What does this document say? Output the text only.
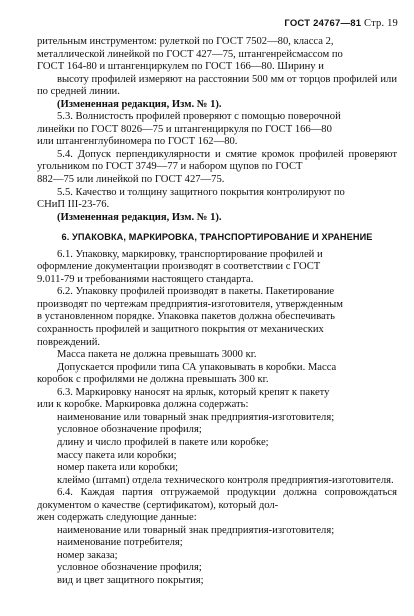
ГОСТ 24767—81 Стр. 19

рительным инструментом: рулеткой по ГОСТ 7502—80, класса 2,

металлической линейкой по ГОСТ 427—75, штангенрейсмассом по

ГОСТ 164-80 и штангенциркулем по ГОСТ 166—80. Ширину и

высоту профилей измеряют на расстоянии 500 мм от торцов профилей или по средней линии.

(Измененная редакция, Изм. № 1).

5.3. Волнистость профилей проверяют с помощью поверочной

линейки по ГОСТ 8026—75 и штангенциркуля по ГОСТ 166—80

или штангенглубиномера по ГОСТ 162—80.

5.4. Допуск перпендикулярности и смятие кромок профилей проверяют угольником по ГОСТ 3749—77 и набором щупов по ГОСТ

882—75 или линейкой по ГОСТ 427—75.

5.5. Качество и толщину защитного покрытия контролируют по

СНиП III-23-76.

(Измененная редакция, Изм. № 1).

6. УПАКОВКА, МАРКИРОВКА, ТРАНСПОРТИРОВАНИЕ И ХРАНЕНИЕ

6.1. Упаковку, маркировку, транспортирование профилей и

оформление документации производят в соответствии с ГОСТ

9.011-79 и требованиями настоящего стандарта.

6.2. Упаковку профилей производят в пакеты. Пакетирование

производят по чертежам предприятия-изготовителя, утвержденным

в установленном порядке. Упаковка пакетов должна обеспечивать

сохранность профилей и защитного покрытия от механических

повреждений.

Масса пакета не должна превышать 3000 кг.

Допускается профили типа СА упаковывать в коробки. Масса

коробок с профилями не должна превышать 300 кг.

6.3. Маркировку наносят на ярлык, который крепят к пакету

или к коробке. Маркировка должна содержать:

наименование или товарный знак предприятия-изготовителя;

условное обозначение профиля;

длину и число профилей в пакете или коробке;

массу пакета или коробки;

номер пакета или коробки;

клеймо (штамп) отдела технического контроля предприятия-изготовителя.

6.4. Каждая партия отгружаемой продукции должна сопровождаться документом о качестве (сертификатом), который дол-

жен содержать следующие данные:

наименование или товарный знак предприятия-изготовителя;

наименование потребителя;

номер заказа;

условное обозначение профиля;

вид и цвет защитного покрытия;
